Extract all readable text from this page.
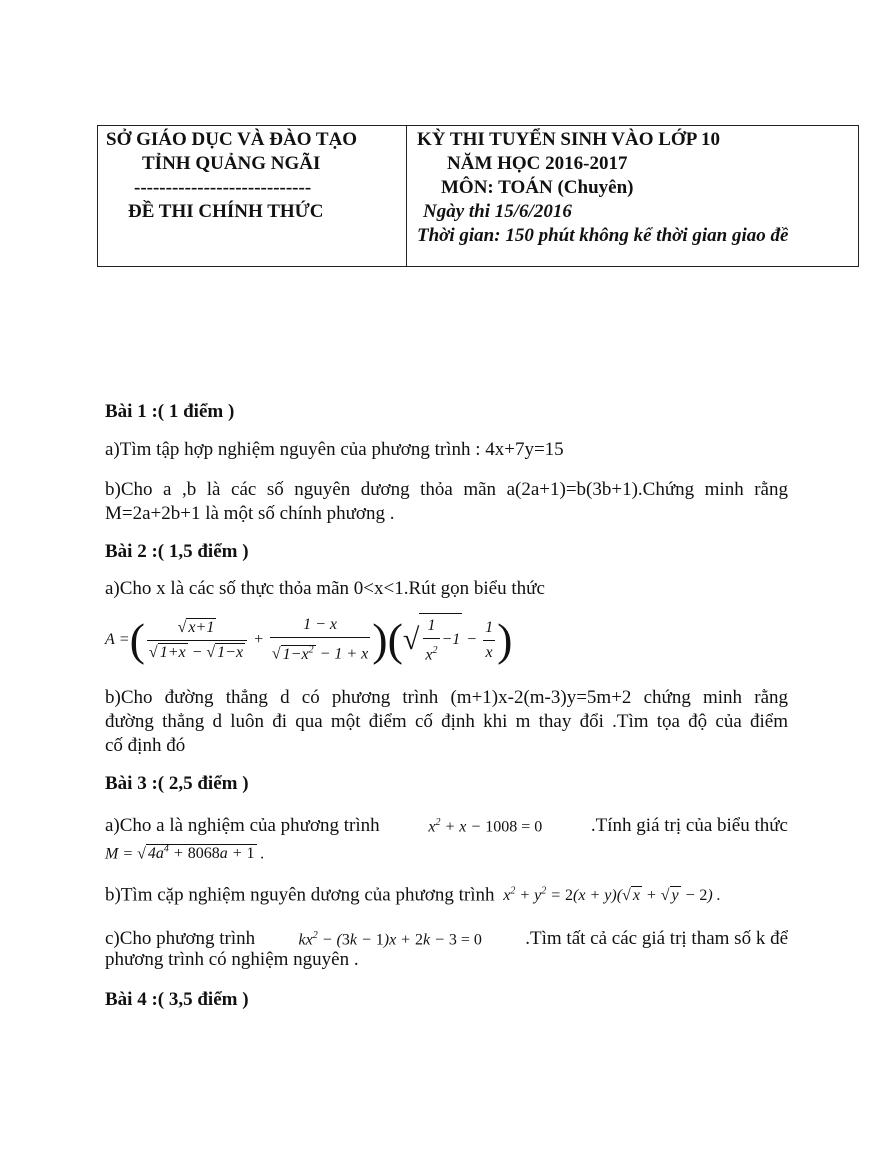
SỞ GIÁO DỤC VÀ ĐÀO TẠO
TỈNH QUẢNG NGÃI
----------------------------
ĐỀ THI CHÍNH THỨC
KỲ THI TUYỂN SINH VÀO LỚP 10
NĂM HỌC 2016-2017
MÔN: TOÁN (Chuyên)
Ngày thi 15/6/2016
Thời gian: 150 phút không kể thời gian giao đề
Bài 1 :( 1 điểm )
a)Tìm tập hợp nghiệm nguyên của phương trình : 4x+7y=15
b)Cho a ,b là các số nguyên dương thỏa mãn a(2a+1)=b(3b+1).Chứng minh rằng
M=2a+2b+1 là một số chính phương .
Bài 2 :( 1,5 điểm )
a)Cho x là các số thực thỏa mãn 0<x<1.Rút gọn biểu thức
A = ( $\frac{√ x+1}{√ 1+x - √ 1-x} + \frac{1 - x}{√ 1-x^2 - 1 + x}$ ) ( √ $\frac{1}{x^2} -1 - \frac{1}{x}$ )
b)Cho đường thẳng d có phương trình (m+1)x-2(m-3)y=5m+2 chứng minh rằng
đường thẳng d luôn đi qua một điểm cố định khi m thay đổi .Tìm tọa độ của điểm
cố định đó
Bài 3 :( 2,5 điểm )
a)Cho a là nghiệm của phương trình	$x^2 + x - 1008 = 0$	.Tính giá trị của biểu thức
M = √ $4a^4 + 8068a + 1$ .
b)Tìm cặp nghiệm nguyên dương của phương trình  $x^2 + y^2 = 2(x + y)(√$ x + √ y − 2) .
c)Cho phương trình	$kx^2 - (3k - 1)x + 2k - 3 = 0$ .Tìm tất cả các giá trị tham số k để
phương trình có nghiệm nguyên .
Bài 4 :( 3,5 điểm )
